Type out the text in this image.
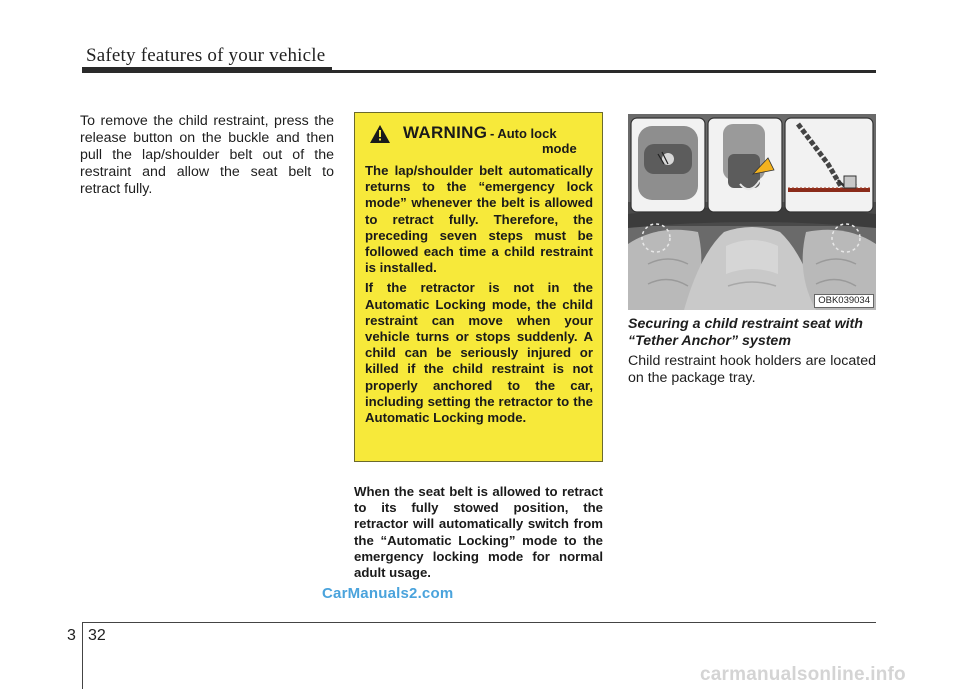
Safety features of your vehicle
To remove the child restraint, press the release button on the buckle and then pull the lap/shoulder belt out of the restraint and allow the seat belt to retract fully.
WARNING - Auto lock
mode

The lap/shoulder belt automatically returns to the “emergency lock mode” whenever the belt is allowed to retract fully. Therefore, the preceding seven steps must be followed each time a child restraint is installed.

If the retractor is not in the Automatic Locking mode, the child restraint can move when your vehicle turns or stops suddenly. A child can be seriously injured or killed if the child restraint is not properly anchored to the car, including setting the retractor to the Automatic Locking mode.

When the seat belt is allowed to retract to its fully stowed position, the retractor will automatically switch from the “Automatic Locking” mode to the emergency locking mode for normal adult usage.
OBK039034
Securing a child restraint seat with “Tether Anchor” system
Child restraint hook holders are located on the package tray.
CarManuals2.com
3 32
carmanualsonline.info
